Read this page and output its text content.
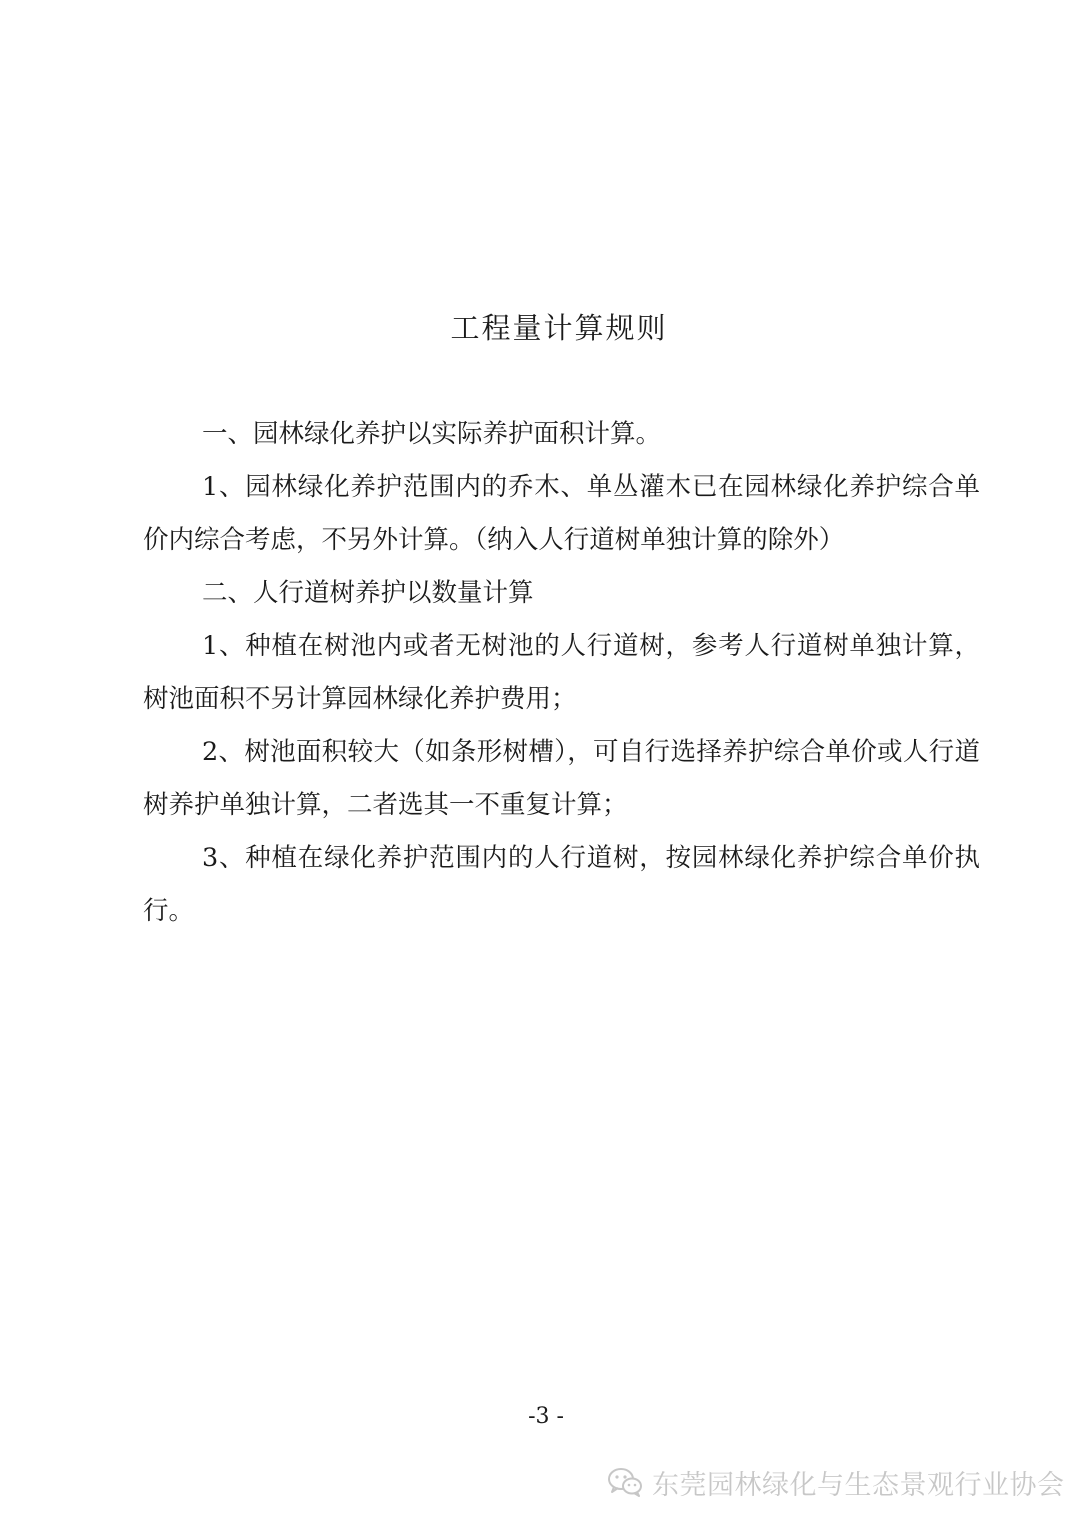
工程量计算规则

一、园林绿化养护以实际养护面积计算。

1、园林绿化养护范围内的乔木、单丛灌木已在园林绿化养护综合单价内综合考虑，不另外计算。（纳入人行道树单独计算的除外）

二、人行道树养护以数量计算

1、种植在树池内或者无树池的人行道树，参考人行道树单独计算，树池面积不另计算园林绿化养护费用；

2、树池面积较大（如条形树槽），可自行选择养护综合单价或人行道树养护单独计算，二者选其一不重复计算；

3、种植在绿化养护范围内的人行道树，按园林绿化养护综合单价执行。

-3 -
东莞园林绿化与生态景观行业协会
